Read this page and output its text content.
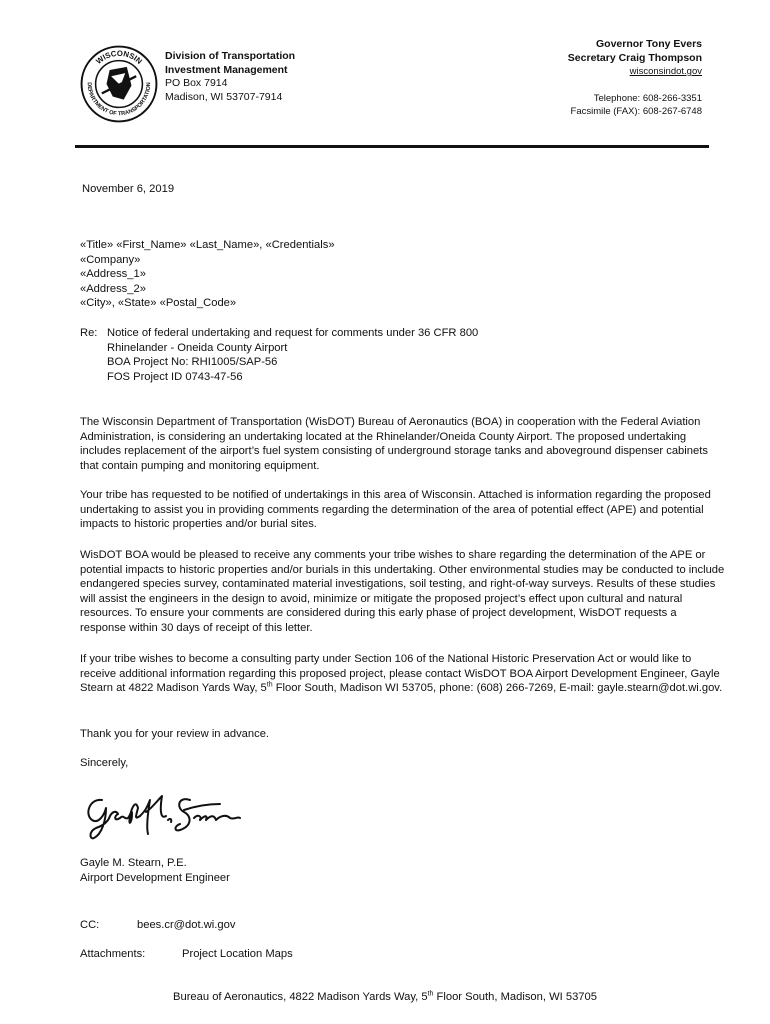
WISCONSIN
DEPARTMENT OF TRANSPORTATION
Division of Transportation
Investment Management
PO Box 7914
Madison, WI 53707-7914
Governor Tony Evers
Secretary Craig Thompson
wisconsindot.gov
Telephone: 608-266-3351
Facsimile (FAX): 608-267-6748
November 6, 2019
«Title» «First_Name» «Last_Name», «Credentials»
«Company»
«Address_1»
«Address_2»
«City», «State» «Postal_Code»
Re: Notice of federal undertaking and request for comments under 36 CFR 800
Rhinelander - Oneida County Airport
BOA Project No: RHI1005/SAP-56
FOS Project ID 0743-47-56
The Wisconsin Department of Transportation (WisDOT) Bureau of Aeronautics (BOA) in cooperation with the Federal Aviation Administration, is considering an undertaking located at the Rhinelander/Oneida County Airport. The proposed undertaking includes replacement of the airport’s fuel system consisting of underground storage tanks and aboveground dispenser cabinets that contain pumping and monitoring equipment.
Your tribe has requested to be notified of undertakings in this area of Wisconsin. Attached is information regarding the proposed undertaking to assist you in providing comments regarding the determination of the area of potential effect (APE) and potential impacts to historic properties and/or burial sites.
WisDOT BOA would be pleased to receive any comments your tribe wishes to share regarding the determination of the APE or potential impacts to historic properties and/or burials in this undertaking. Other environmental studies may be conducted to include endangered species survey, contaminated material investigations, soil testing, and right-of-way surveys. Results of these studies will assist the engineers in the design to avoid, minimize or mitigate the proposed project’s effect upon cultural and natural resources. To ensure your comments are considered during this early phase of project development, WisDOT requests a response within 30 days of receipt of this letter.
If your tribe wishes to become a consulting party under Section 106 of the National Historic Preservation Act or would like to receive additional information regarding this proposed project, please contact WisDOT BOA Airport Development Engineer, Gayle Stearn at 4822 Madison Yards Way, 5th Floor South, Madison WI 53705, phone: (608) 266-7269, E-mail: gayle.stearn@dot.wi.gov.
Thank you for your review in advance.
Sincerely,
Gayle M. Stearn, P.E.
Airport Development Engineer
CC:	bees.cr@dot.wi.gov
Attachments:	Project Location Maps
Bureau of Aeronautics, 4822 Madison Yards Way, 5th Floor South, Madison, WI 53705
